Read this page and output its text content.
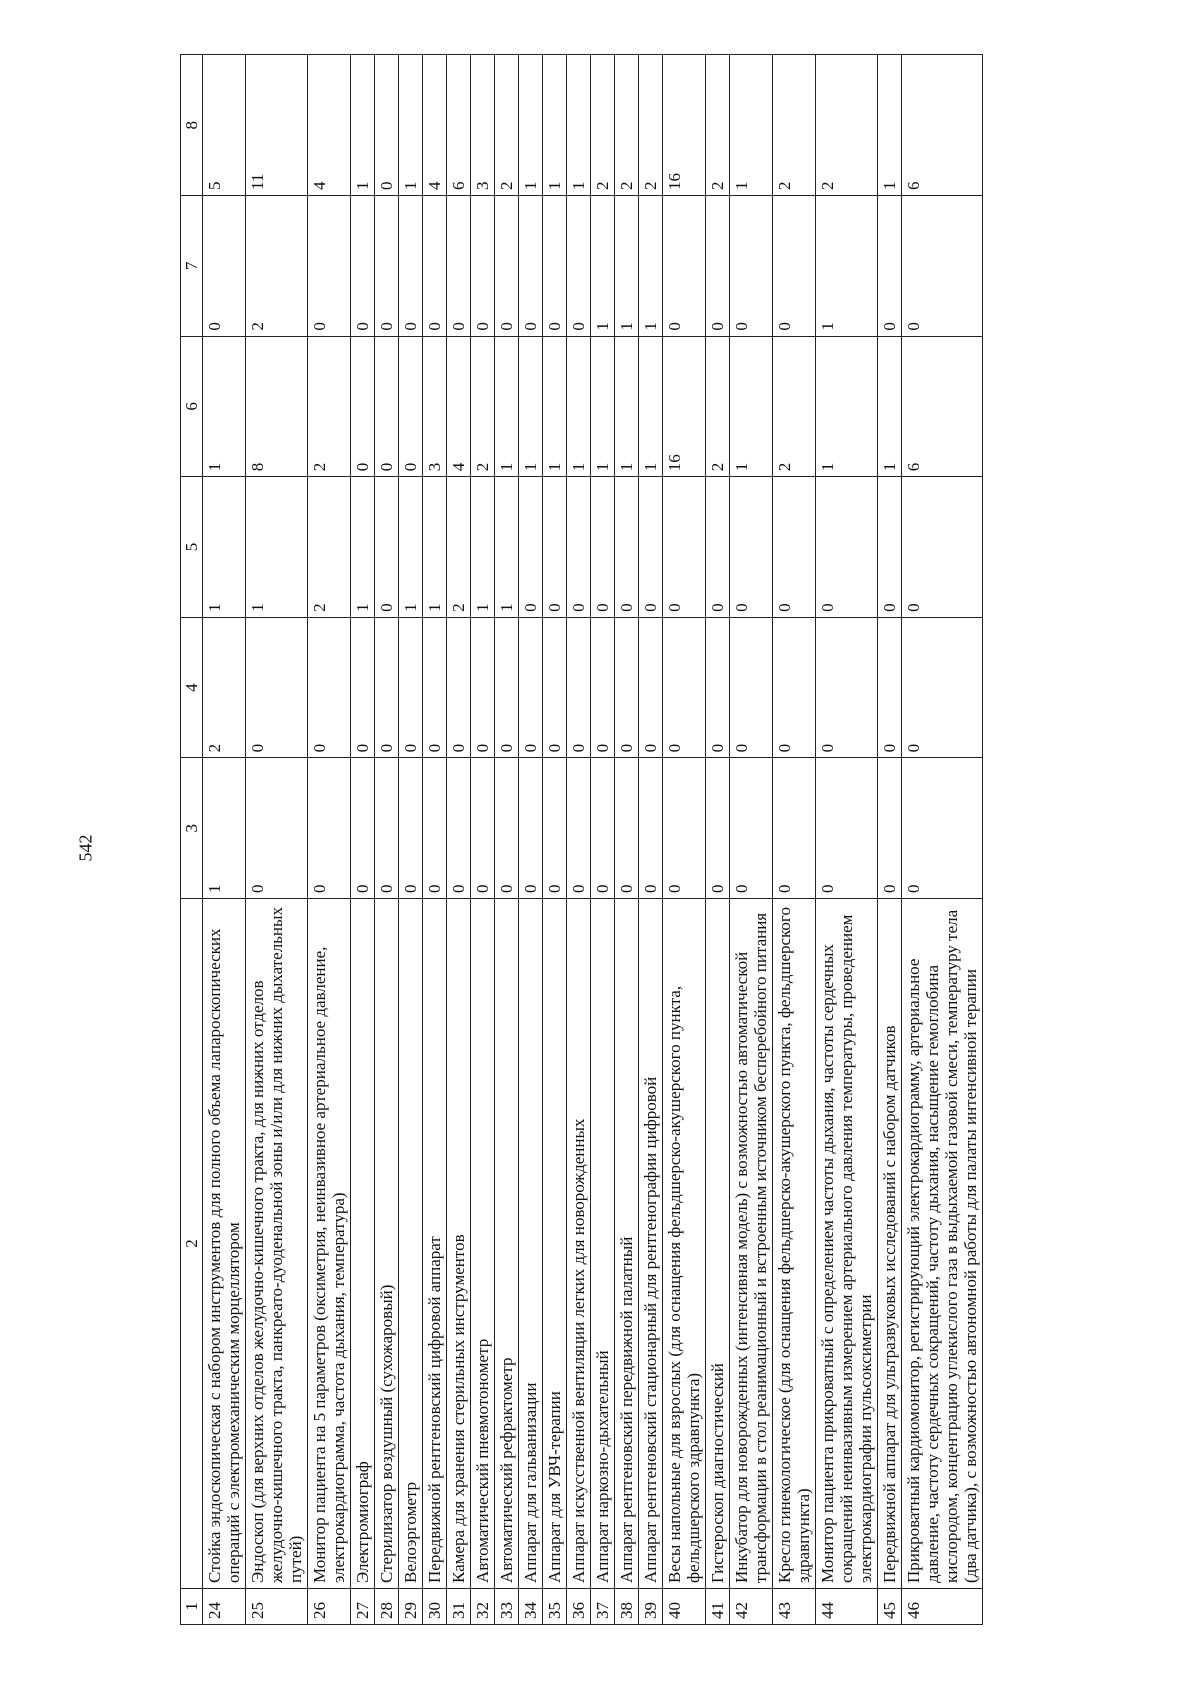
542
1	2	3	4	5	6	7	8
24	Стойка эндоскопическая с набором инструментов для полного объема лапароскопических операций с электромеханическим морцеллятором	1	2	1	1	0	5
25	Эндоскоп (для верхних отделов желудочно-кишечного тракта, для нижних отделов желудочно-кишечного тракта, панкреато-дуоденальной зоны и/или для нижних дыхательных путей)	0	0	1	8	2	11
26	Монитор пациента на 5 параметров (оксиметрия, неинвазивное артериальное давление, электрокардиограмма, частота дыхания, температура)	0	0	2	2	0	4
27	Электромиограф	0	0	1	0	0	1
28	Стерилизатор воздушный (сухожаровый)	0	0	0	0	0	0
29	Велоэргометр	0	0	1	0	0	1
30	Передвижной рентгеновский цифровой аппарат	0	0	1	3	0	4
31	Камера для хранения стерильных инструментов	0	0	2	4	0	6
32	Автоматический пневмотонометр	0	0	1	2	0	3
33	Автоматический рефрактометр	0	0	1	1	0	2
34	Аппарат для гальванизации	0	0	0	1	0	1
35	Аппарат для УВЧ-терапии	0	0	0	1	0	1
36	Аппарат искусственной вентиляции легких для новорожденных	0	0	0	1	0	1
37	Аппарат наркозно-дыхательный	0	0	0	1	1	2
38	Аппарат рентгеновский передвижной палатный	0	0	0	1	1	2
39	Аппарат рентгеновский стационарный для рентгенографии цифровой	0	0	0	1	1	2
40	Весы напольные для взрослых (для оснащения фельдшерско-акушерского пункта, фельдшерского здравпункта)	0	0	0	16	0	16
41	Гистероскоп диагностический	0	0	0	2	0	2
42	Инкубатор для новорожденных (интенсивная модель) с возможностью автоматической трансформации в стол реанимационный и встроенным источником бесперебойного питания	0	0	0	1	0	1
43	Кресло гинекологическое (для оснащения фельдшерско-акушерского пункта, фельдшерского здравпункта)	0	0	0	2	0	2
44	Монитор пациента прикроватный с определением частоты дыхания, частоты сердечных сокращений неинвазивным измерением артериального давления температуры, проведением электрокардиографии пульсоксиметрии	0	0	0	1	1	2
45	Передвижной аппарат для ультразвуковых исследований с набором датчиков	0	0	0	1	0	1
46	Прикроватный кардиомонитор, регистрирующий электрокардиограмму, артериальное давление, частоту сердечных сокращений, частоту дыхания, насыщение гемоглобина кислородом, концентрацию углекислого газа в выдыхаемой газовой смеси, температуру тела (два датчика), с возможностью автономной работы для палаты интенсивной терапии	0	0	0	6	0	6
